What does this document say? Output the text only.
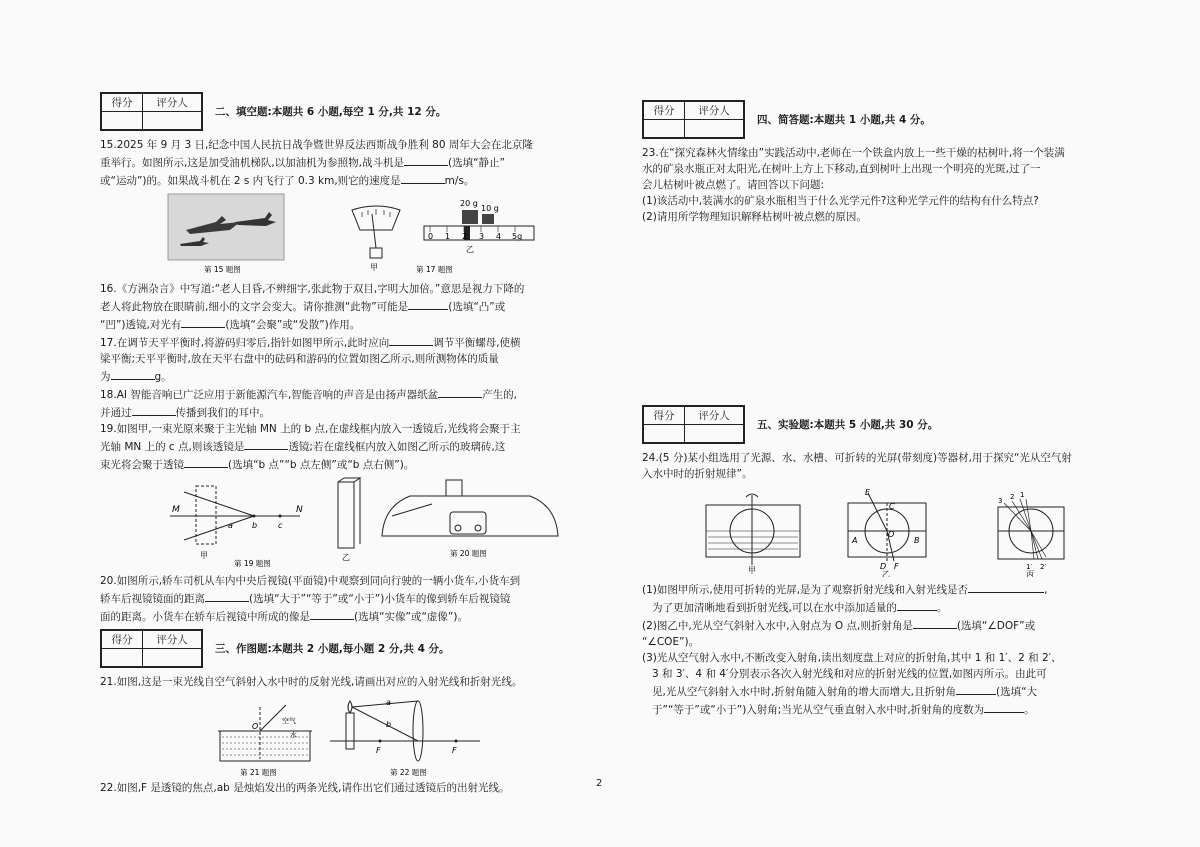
得分	评分人

二、填空题:本题共 6 小题,每空 1 分,共 12 分。

15.2025 年 9 月 3 日,纪念中国人民抗日战争暨世界反法西斯战争胜利 80 周年大会在北京隆
重举行。如图所示,这是加受油机梯队,以加油机为参照物,战斗机是	(选填“静止”
或“运动”)的。如果战斗机在 2 s 内飞行了 0.3 km,则它的速度是	m/s。

0 1 2 3 4 5g
20 g
10 g
甲
乙
第 15 题图	第 17 题图

16.《方洲杂言》中写道:“老人目昏,不辨细字,张此物于双目,字明大加倍。”意思是视力下降的
老人将此物放在眼睛前,细小的文字会变大。请你推测“此物”可能是	(选填“凸”或
“凹”)透镜,对光有	(选填“会聚”或“发散”)作用。

17.在调节天平平衡时,将游码归零后,指针如图甲所示,此时应向	调节平衡螺母,使横
梁平衡;天平平衡时,放在天平右盘中的砝码和游码的位置如图乙所示,则所测物体的质量
为	g。

18.AI 智能音响已广泛应用于新能源汽车,智能音响的声音是由扬声器纸盆	产生的,
并通过	传播到我们的耳中。

19.如图甲,一束光原来聚于主光轴 MN 上的 b 点,在虚线框内放入一透镜后,光线将会聚于主
光轴 MN 上的 c 点,则该透镜是	透镜;若在虚线框内放入如图乙所示的玻璃砖,这
束光将会聚于透镜	(选填“b 点”“b 点左侧”或“b 点右侧”)。

M	N
a b	c
甲	乙
第 19 题图
第 20 题图

20.如图所示,轿车司机从车内中央后视镜(平面镜)中观察到同向行驶的一辆小货车,小货车到
轿车后视镜镜面的距离	(选填“大于”“等于”或“小于”)小货车的像到轿车后视镜镜
面的距离。小货车在轿车后视镜中所成的像是	(选填“实像”或“虚像”)。

得分	评分人

三、作图题:本题共 2 小题,每小题 2 分,共 4 分。

21.如图,这是一束光线自空气斜射入水中时的反射光线,请画出对应的入射光线和折射光线。

O
空气
水
第 21 题图
F	F
a
b
第 22 题图

22.如图,F 是透镜的焦点,ab 是烛焰发出的两条光线,请作出它们通过透镜后的出射光线。

得分	评分人

四、简答题:本题共 1 小题,共 4 分。

23.在“探究森林火情缘由”实践活动中,老师在一个铁盒内放上一些干燥的枯树叶,将一个装满
水的矿泉水瓶正对太阳光,在树叶上方上下移动,直到树叶上出现一个明亮的光斑,过了一
会儿枯树叶被点燃了。请回答以下问题:
(1)该活动中,装满水的矿泉水瓶相当于什么光学元件?这种光学元件的结构有什么特点?
(2)请用所学物理知识解释枯树叶被点燃的原因。

得分	评分人

五、实验题:本题共 5 小题,共 30 分。

24.(5 分)某小组选用了光源、水、水槽、可折转的光屏(带刻度)等器材,用于探究“光从空气射
入水中时的折射规律”。

甲
E
C
A	B
O
D F
乙
3 2 1
1′ 2′
丙

(1)如图甲所示,使用可折转的光屏,是为了观察折射光线和入射光线是否	,
为了更加清晰地看到折射光线,可以在水中添加适量的	。
(2)图乙中,光从空气斜射入水中,入射点为 O 点,则折射角是	(选填“∠DOF”或
“∠COE”)。
(3)光从空气射入水中,不断改变入射角,读出刻度盘上对应的折射角,其中 1 和 1′、2 和 2′、
3 和 3′、4 和 4′分别表示各次入射光线和对应的折射光线的位置,如图丙所示。由此可
见,光从空气斜射入水中时,折射角随入射角的增大而增大,且折射角	(选填“大
于”“等于”或“小于”)入射角;当光从空气垂直射入水中时,折射角的度数为	。

2
